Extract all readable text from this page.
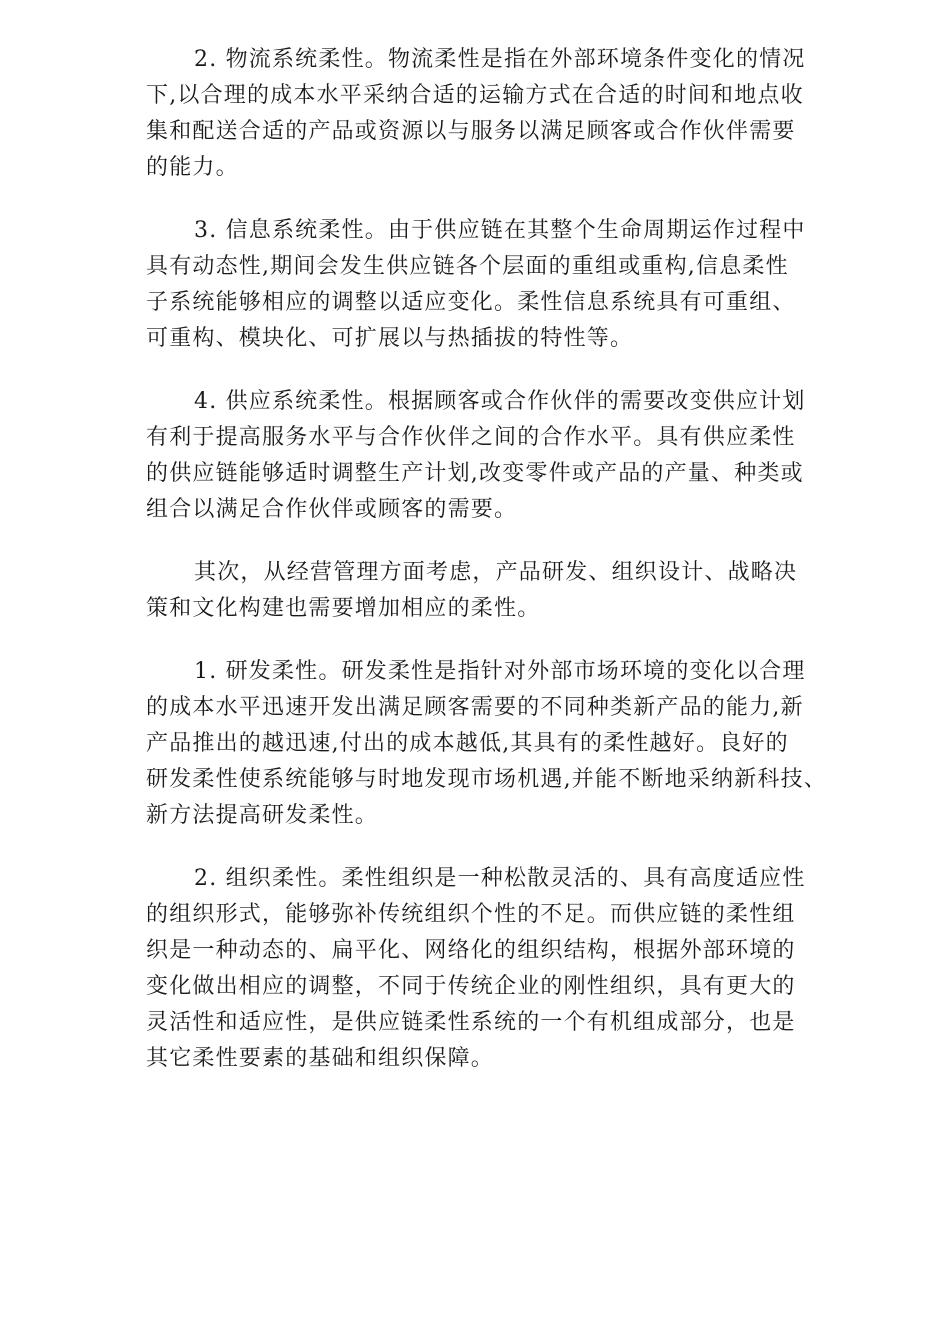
2. 物流系统柔性。物流柔性是指在外部环境条件变化的情况
下,以合理的成本水平采纳合适的运输方式在合适的时间和地点收
集和配送合适的产品或资源以与服务以满足顾客或合作伙伴需要
的能力。
3. 信息系统柔性。由于供应链在其整个生命周期运作过程中
具有动态性,期间会发生供应链各个层面的重组或重构,信息柔性
子系统能够相应的调整以适应变化。柔性信息系统具有可重组、
可重构、模块化、可扩展以与热插拔的特性等。
4. 供应系统柔性。根据顾客或合作伙伴的需要改变供应计划
有利于提高服务水平与合作伙伴之间的合作水平。具有供应柔性
的供应链能够适时调整生产计划,改变零件或产品的产量、种类或
组合以满足合作伙伴或顾客的需要。
其次，从经营管理方面考虑，产品研发、组织设计、战略决
策和文化构建也需要增加相应的柔性。
1. 研发柔性。研发柔性是指针对外部市场环境的变化以合理
的成本水平迅速开发出满足顾客需要的不同种类新产品的能力,新
产品推出的越迅速,付出的成本越低,其具有的柔性越好。良好的
研发柔性使系统能够与时地发现市场机遇,并能不断地采纳新科技、
新方法提高研发柔性。
2. 组织柔性。柔性组织是一种松散灵活的、具有高度适应性
的组织形式，能够弥补传统组织个性的不足。而供应链的柔性组
织是一种动态的、扁平化、网络化的组织结构，根据外部环境的
变化做出相应的调整，不同于传统企业的刚性组织，具有更大的
灵活性和适应性，是供应链柔性系统的一个有机组成部分，也是
其它柔性要素的基础和组织保障。
